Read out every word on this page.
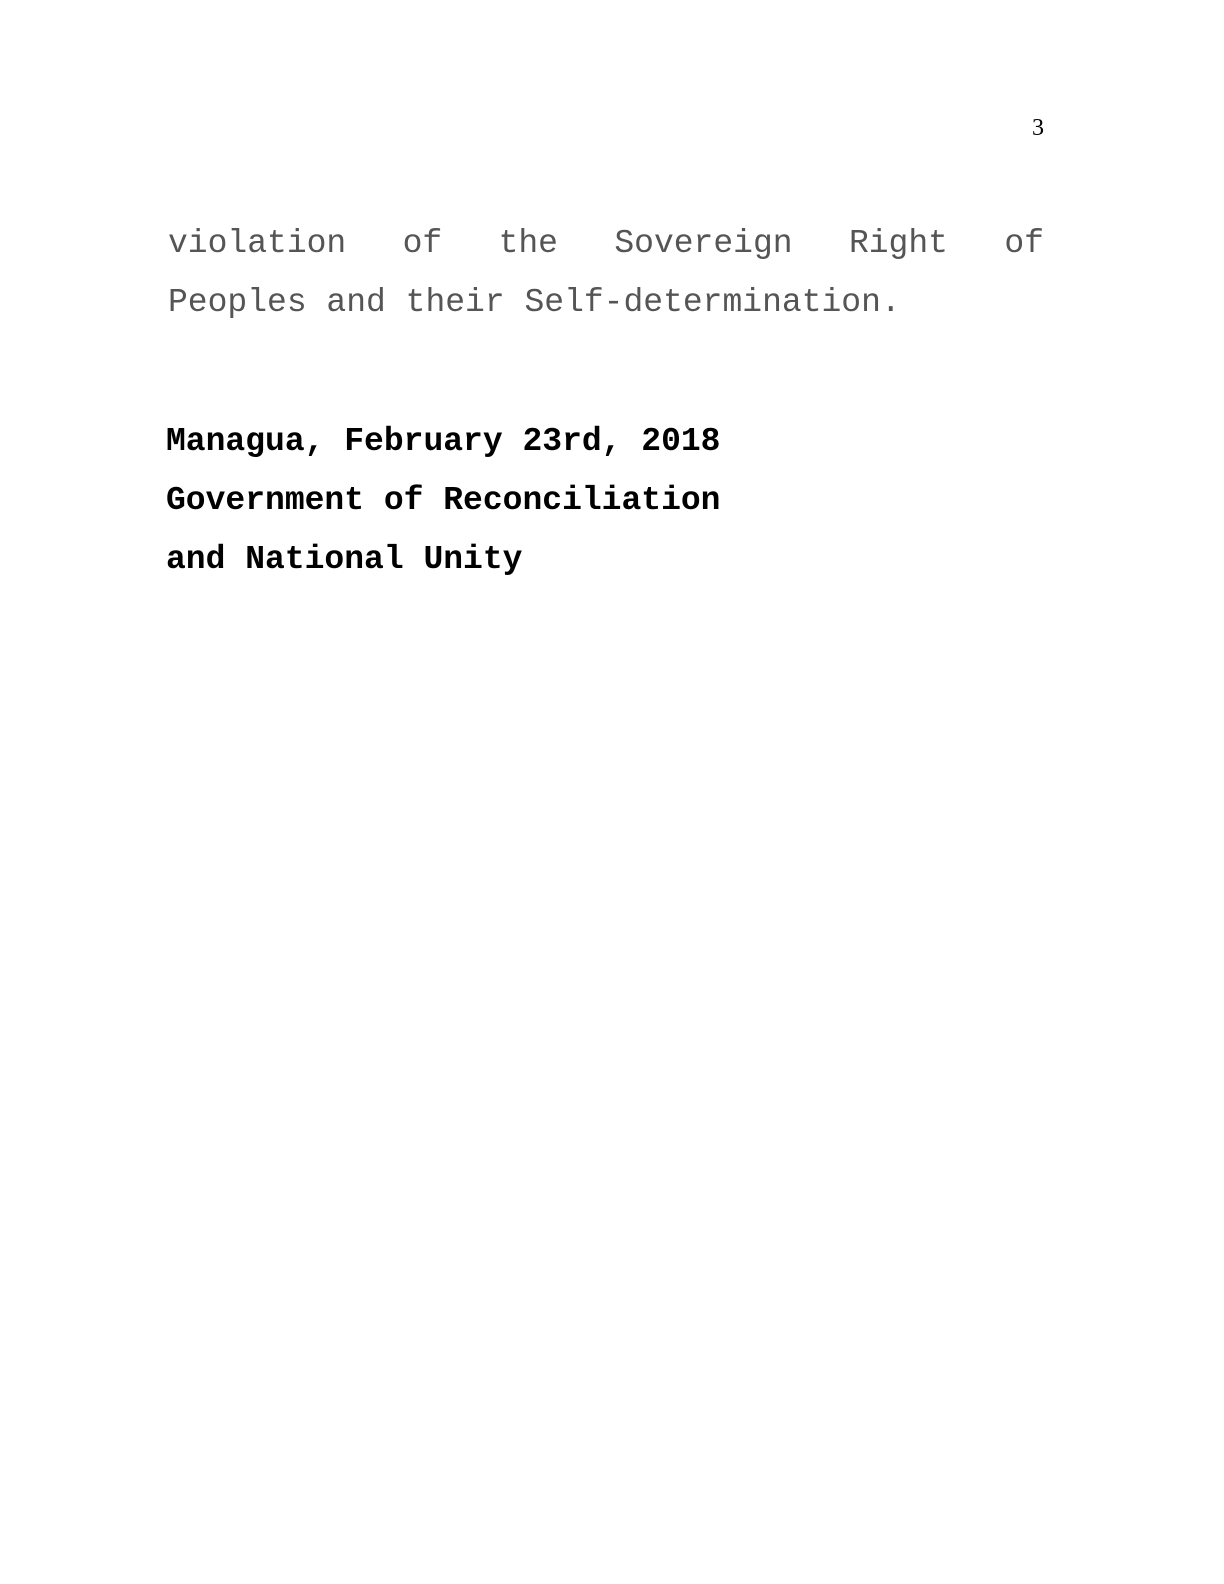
3
violation of the Sovereign Right of
Peoples and their Self-determination.
Managua, February 23rd, 2018
Government of Reconciliation
and National Unity
